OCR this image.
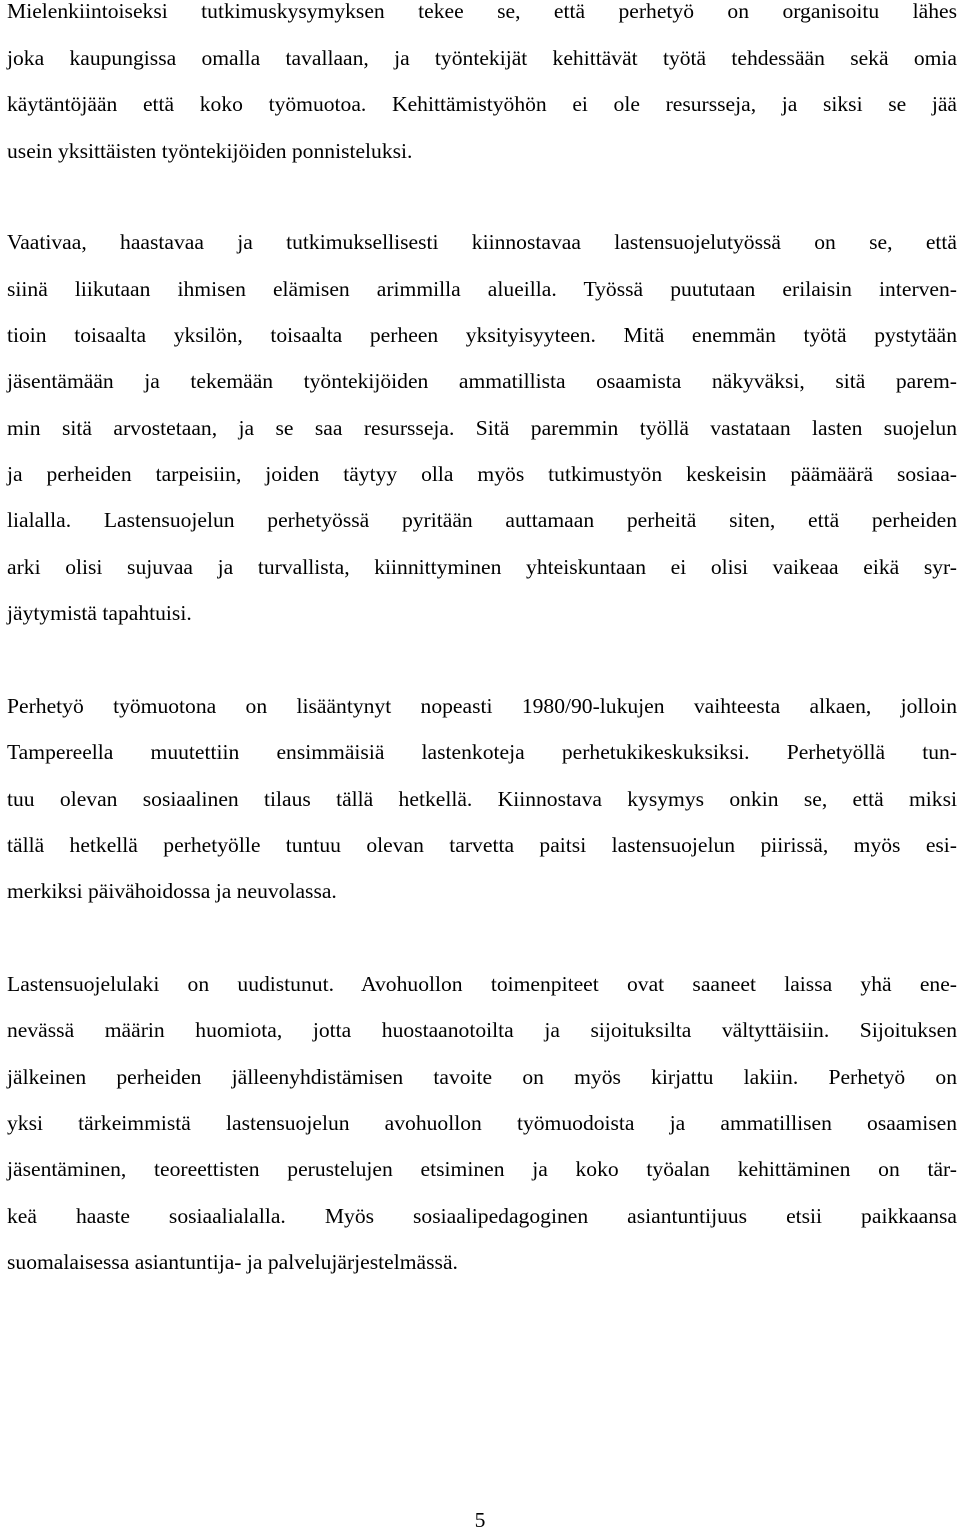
Mielenkiintoiseksi tutkimuskysymyksen tekee se, että perhetyö on organisoitu lähes
joka kaupungissa omalla tavallaan, ja työntekijät kehittävät työtä tehdessään sekä omia
käytäntöjään että koko työmuotoa. Kehittämistyöhön ei ole resursseja, ja siksi se jää
usein yksittäisten työntekijöiden ponnisteluksi.
Vaativaa, haastavaa ja tutkimuksellisesti kiinnostavaa lastensuojelutyössä on se, että
siinä liikutaan ihmisen elämisen arimmilla alueilla. Työssä puututaan erilaisin interven-
tioin toisaalta yksilön, toisaalta perheen yksityisyyteen. Mitä enemmän työtä pystytään
jäsentämään ja tekemään työntekijöiden ammatillista osaamista näkyväksi, sitä parem-
min sitä arvostetaan, ja se saa resursseja. Sitä paremmin työllä vastataan lasten suojelun
ja perheiden tarpeisiin, joiden täytyy olla myös tutkimustyön keskeisin päämäärä sosiaa-
lialalla. Lastensuojelun perhetyössä pyritään auttamaan perheitä siten, että perheiden
arki olisi sujuvaa ja turvallista, kiinnittyminen yhteiskuntaan ei olisi vaikeaa eikä syr-
jäytymistä tapahtuisi.
Perhetyö työmuotona on lisääntynyt nopeasti 1980/90-lukujen vaihteesta alkaen, jolloin
Tampereella muutettiin ensimmäisiä lastenkoteja perhetukikeskuksiksi. Perhetyöllä tun-
tuu olevan sosiaalinen tilaus tällä hetkellä. Kiinnostava kysymys onkin se, että miksi
tällä hetkellä perhetyölle tuntuu olevan tarvetta paitsi lastensuojelun piirissä, myös esi-
merkiksi päivähoidossa ja neuvolassa.
Lastensuojelulaki on uudistunut. Avohuollon toimenpiteet ovat saaneet laissa yhä ene-
nevässä määrin huomiota, jotta huostaanotoilta ja sijoituksilta vältyttäisiin. Sijoituksen
jälkeinen perheiden jälleenyhdistämisen tavoite on myös kirjattu lakiin. Perhetyö on
yksi tärkeimmistä lastensuojelun avohuollon työmuodoista ja ammatillisen osaamisen
jäsentäminen, teoreettisten perustelujen etsiminen ja koko työalan kehittäminen on tär-
keä haaste sosiaalialalla. Myös sosiaalipedagoginen asiantuntijuus etsii paikkaansa
suomalaisessa asiantuntija- ja palvelujärjestelmässä.
5
